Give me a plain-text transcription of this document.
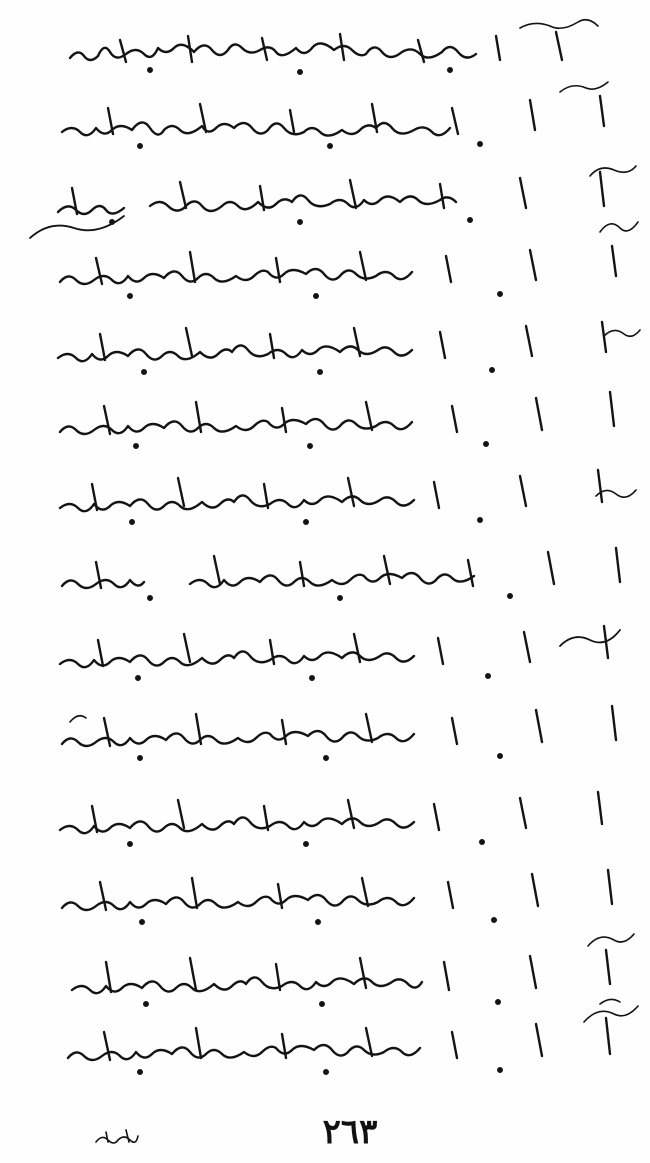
٢٦٣
